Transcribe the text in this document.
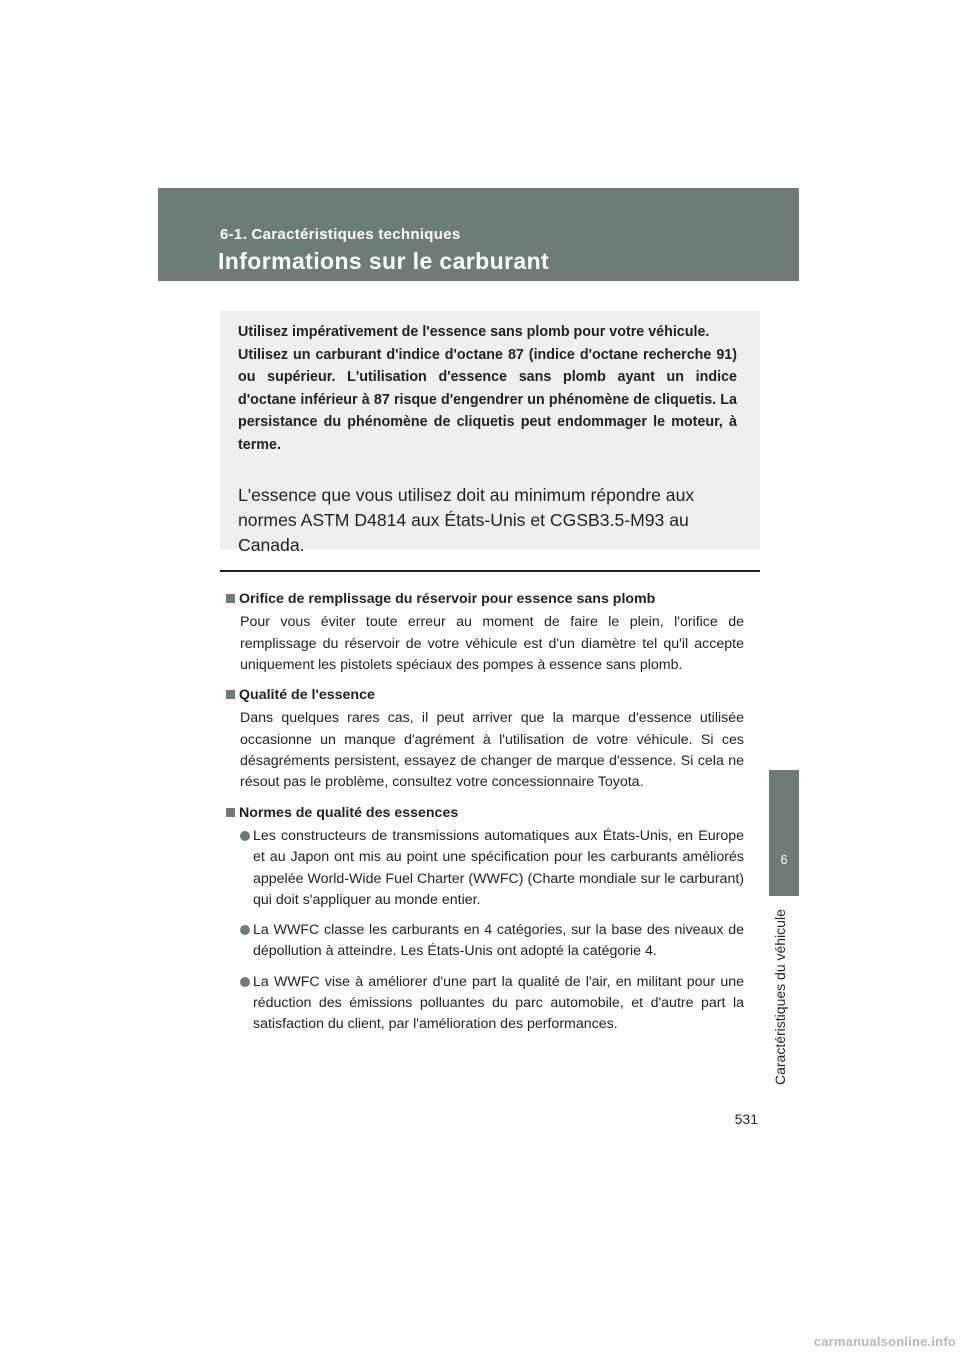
6-1. Caractéristiques techniques
Informations sur le carburant
6
Caractéristiques du véhicule

Utilisez impérativement de l'essence sans plomb pour votre véhicule.
Utilisez un carburant d'indice d'octane 87 (indice d'octane recherche 91) ou supérieur. L'utilisation d'essence sans plomb ayant un indice d'octane inférieur à 87 risque d'engendrer un phénomène de cliquetis. La persistance du phénomène de cliquetis peut endommager le moteur, à terme.

L'essence que vous utilisez doit au minimum répondre aux normes ASTM D4814 aux États-Unis et CGSB3.5-M93 au Canada.

Orifice de remplissage du réservoir pour essence sans plomb

Pour vous éviter toute erreur au moment de faire le plein, l'orifice de remplissage du réservoir de votre véhicule est d'un diamètre tel qu'il accepte uniquement les pistolets spéciaux des pompes à essence sans plomb.

Qualité de l'essence

Dans quelques rares cas, il peut arriver que la marque d'essence utilisée occasionne un manque d'agrément à l'utilisation de votre véhicule. Si ces désagréments persistent, essayez de changer de marque d'essence. Si cela ne résout pas le problème, consultez votre concessionnaire Toyota.

Normes de qualité des essences
Les constructeurs de transmissions automatiques aux États-Unis, en Europe et au Japon ont mis au point une spécification pour les carburants améliorés appelée World-Wide Fuel Charter (WWFC) (Charte mondiale sur le carburant) qui doit s'appliquer au monde entier.
La WWFC classe les carburants en 4 catégories, sur la base des niveaux de dépollution à atteindre. Les États-Unis ont adopté la catégorie 4.
La WWFC vise à améliorer d'une part la qualité de l'air, en militant pour une réduction des émissions polluantes du parc automobile, et d'autre part la satisfaction du client, par l'amélioration des performances.
531
carmanualsonline.info
